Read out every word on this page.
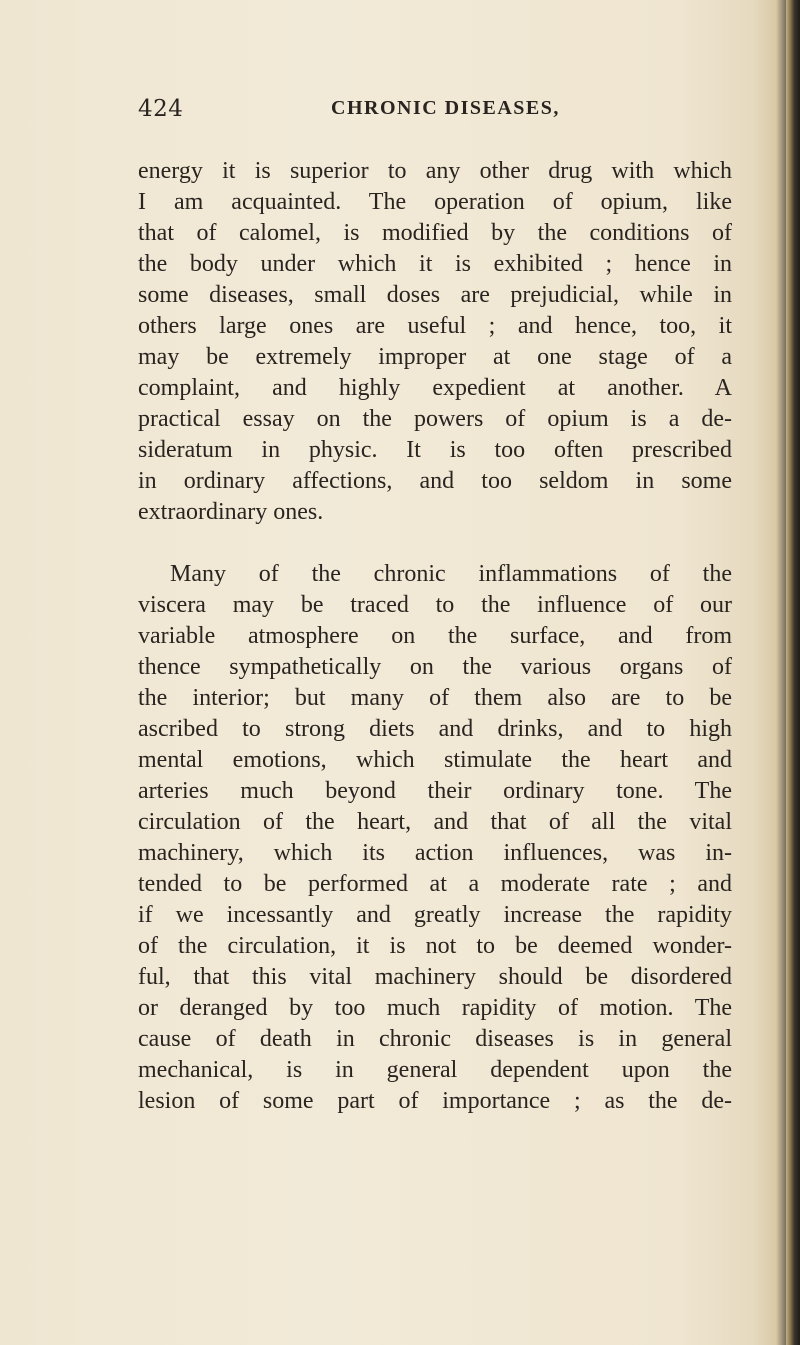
424	CHRONIC DISEASES,
energy it is superior to any other drug with which
I am acquainted. The operation of opium, like
that of calomel, is modified by the conditions of
the body under which it is exhibited ; hence in
some diseases, small doses are prejudicial, while in
others large ones are useful ; and hence, too, it
may be extremely improper at one stage of a
complaint, and highly expedient at another. A
practical essay on the powers of opium is a de-
sideratum in physic. It is too often prescribed
in ordinary affections, and too seldom in some
extraordinary ones.
Many of the chronic inflammations of the
viscera may be traced to the influence of our
variable atmosphere on the surface, and from
thence sympathetically on the various organs of
the interior; but many of them also are to be
ascribed to strong diets and drinks, and to high
mental emotions, which stimulate the heart and
arteries much beyond their ordinary tone. The
circulation of the heart, and that of all the vital
machinery, which its action influences, was in-
tended to be performed at a moderate rate ; and
if we incessantly and greatly increase the rapidity
of the circulation, it is not to be deemed wonder-
ful, that this vital machinery should be disordered
or deranged by too much rapidity of motion. The
cause of death in chronic diseases is in general
mechanical, is in general dependent upon the
lesion of some part of importance ; as the de-
